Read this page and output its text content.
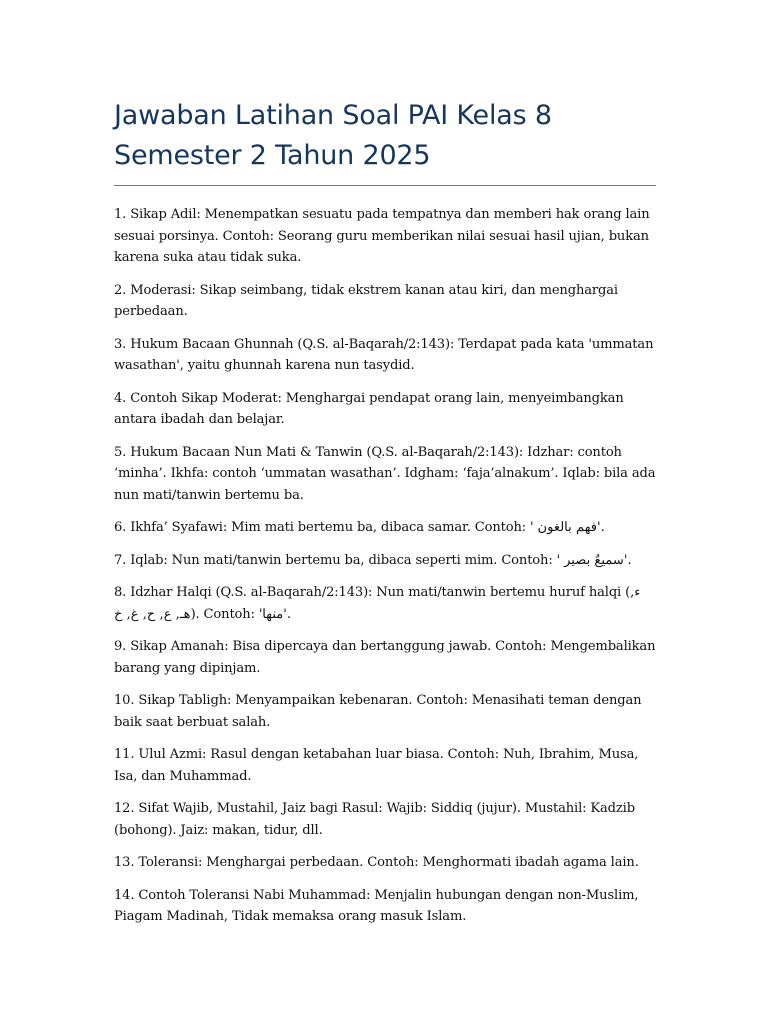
Jawaban Latihan Soal PAI Kelas 8
Semester 2 Tahun 2025

1. Sikap Adil: Menempatkan sesuatu pada tempatnya dan memberi hak orang lain sesuai porsinya. Contoh: Seorang guru memberikan nilai sesuai hasil ujian, bukan karena suka atau tidak suka.

2. Moderasi: Sikap seimbang, tidak ekstrem kanan atau kiri, dan menghargai perbedaan.

3. Hukum Bacaan Ghunnah (Q.S. al-Baqarah/2:143): Terdapat pada kata 'ummatan wasathan', yaitu ghunnah karena nun tasydid.

4. Contoh Sikap Moderat: Menghargai pendapat orang lain, menyeimbangkan antara ibadah dan belajar.

5. Hukum Bacaan Nun Mati & Tanwin (Q.S. al-Baqarah/2:143): Idzhar: contoh ‘minha’. Ikhfa: contoh ‘ummatan wasathan’. Idgham: ‘faja’alnakum’. Iqlab: bila ada nun mati/tanwin bertemu ba.

6. Ikhfa’ Syafawi: Mim mati bertemu ba, dibaca samar. Contoh: ' فهم بالغون'.

7. Iqlab: Nun mati/tanwin bertemu ba, dibaca seperti mim. Contoh: ' سميعٌ بصير'.

8. Idzhar Halqi (Q.S. al-Baqarah/2:143): Nun mati/tanwin bertemu huruf halqi (ء, هـ, ع, ح, غ, خ). Contoh: 'منها'.

9. Sikap Amanah: Bisa dipercaya dan bertanggung jawab. Contoh: Mengembalikan barang yang dipinjam.

10. Sikap Tabligh: Menyampaikan kebenaran. Contoh: Menasihati teman dengan baik saat berbuat salah.

11. Ulul Azmi: Rasul dengan ketabahan luar biasa. Contoh: Nuh, Ibrahim, Musa, Isa, dan Muhammad.

12. Sifat Wajib, Mustahil, Jaiz bagi Rasul: Wajib: Siddiq (jujur). Mustahil: Kadzib (bohong). Jaiz: makan, tidur, dll.

13. Toleransi: Menghargai perbedaan. Contoh: Menghormati ibadah agama lain.

14. Contoh Toleransi Nabi Muhammad: Menjalin hubungan dengan non-Muslim, Piagam Madinah, Tidak memaksa orang masuk Islam.
